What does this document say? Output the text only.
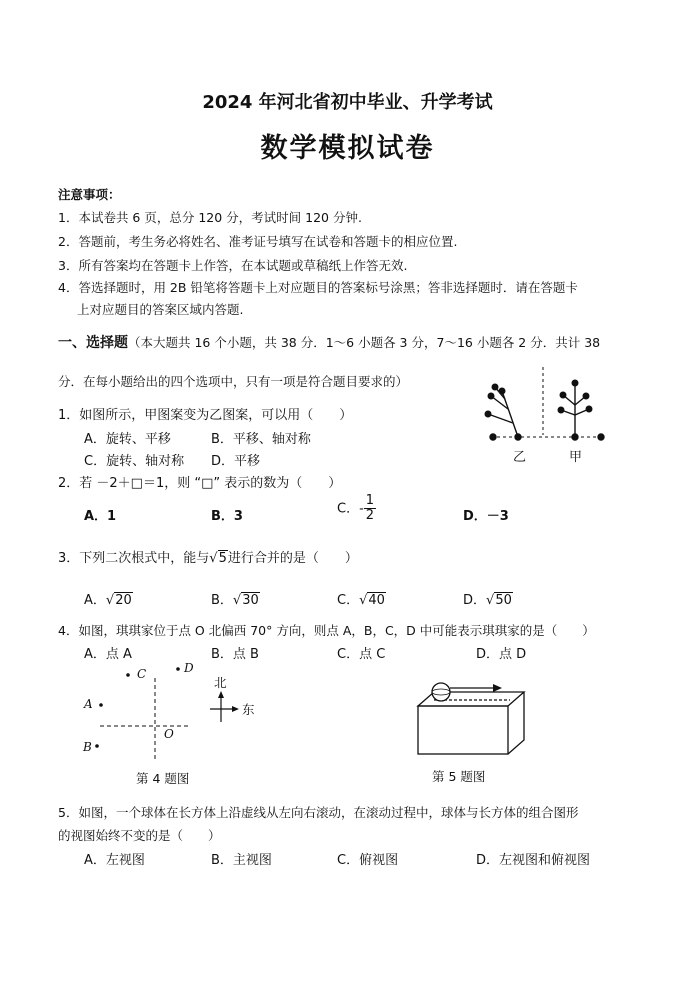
2024 年河北省初中毕业、升学考试
数学模拟试卷
注意事项：
1．本试卷共 6 页，总分 120 分，考试时间 120 分钟.
2．答题前，考生务必将姓名、准考证号填写在试卷和答题卡的相应位置.
3．所有答案均在答题卡上作答，在本试题或草稿纸上作答无效.
4．答选择题时，用 2B 铅笔将答题卡上对应题目的答案标号涂黑；答非选择题时．请在答题卡
上对应题目的答案区域内答题.
一、选择题（本大题共 16 个小题，共 38 分．1～6 小题各 3 分，7～16 小题各 2 分．共计 38
分．在每小题给出的四个选项中，只有一项是符合题目要求的）
1．如图所示，甲图案变为乙图案，可以用（　　）
A．旋转、平移	B．平移、轴对称
C．旋转、轴对称 D．平移	乙	甲
2．若 －2＋□＝1，则 “□” 表示的数为（　　）
A．1	B．3
C．- $\frac{1}{2}$	D．－3
3．下列二次根式中，能与√5进行合并的是（　　）
A．√20	B．√30	C．√40	D．√50
4．如图，琪琪家位于点 O 北偏西 70° 方向，则点 A，B，C，D 中可能表示琪琪家的是（　　）
A．点 A	B．点 B	C．点 C	D．点 D
C	D
A
B
O
北
东
第 4 题图	第 5 题图
5．如图，一个球体在长方体上沿虚线从左向右滚动，在滚动过程中，球体与长方体的组合图形
的视图始终不变的是（　　）
A．左视图	B．主视图	C．俯视图	D．左视图和俯视图
